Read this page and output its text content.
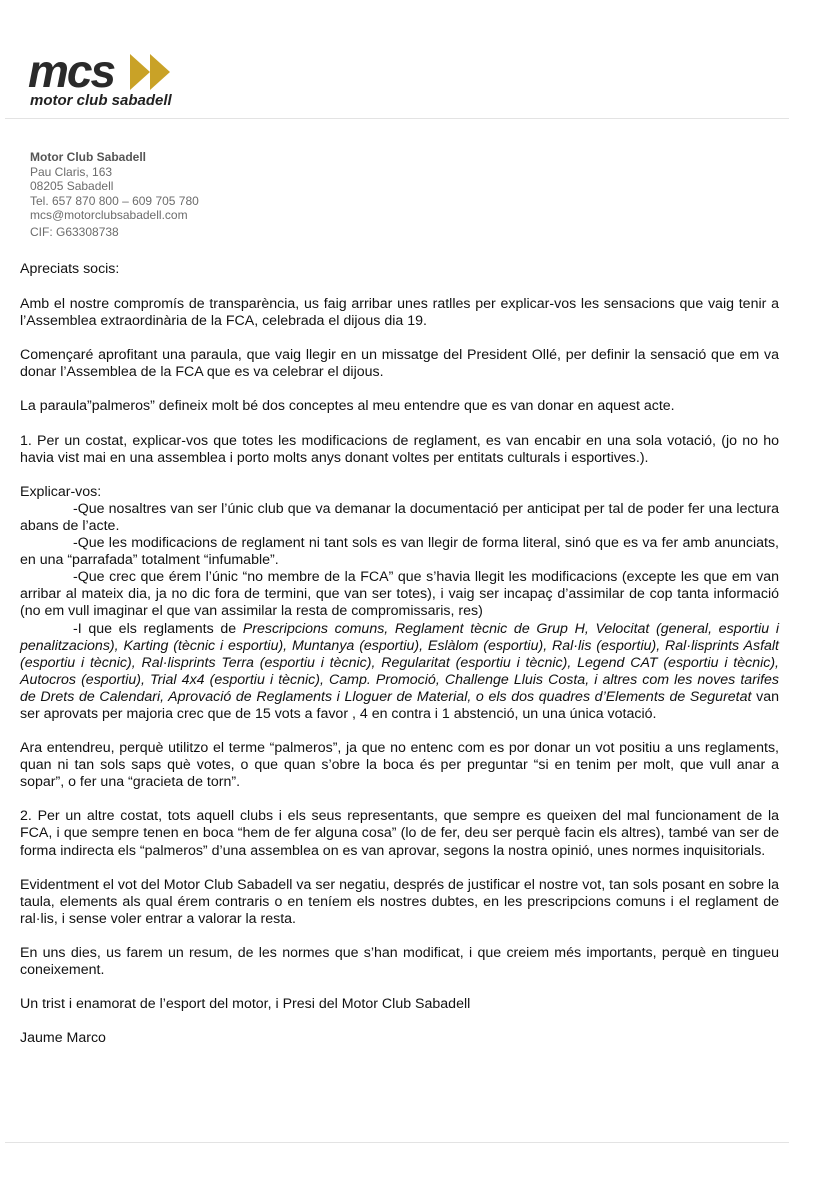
mcs
motor club sabadell
Motor Club Sabadell
Pau Claris, 163
08205 Sabadell
Tel. 657 870 800 – 609 705 780
mcs@motorclubsabadell.com
CIF: G63308738

Apreciats socis:

Amb el nostre compromís de transparència, us faig arribar unes ratlles per explicar-vos les sensacions que vaig tenir a l’Assemblea extraordinària de la FCA, celebrada el dijous dia 19.

Començaré aprofitant una paraula, que vaig llegir en un missatge del President Ollé, per definir la sensació que em va donar l’Assemblea de la FCA que es va celebrar el dijous.

La paraula”palmeros” defineix molt bé dos conceptes al meu entendre que es van donar en aquest acte.

1. Per un costat, explicar-vos que totes les modificacions de reglament, es van encabir en una sola votació, (jo no ho havia vist mai en una assemblea i porto molts anys donant voltes per entitats culturals i esportives.).

Explicar-vos:

-Que nosaltres van ser l’únic club que va demanar la documentació per anticipat per tal de poder fer una lectura abans de l’acte.

-Que les modificacions de reglament ni tant sols es van llegir de forma literal, sinó que es va fer amb anunciats, en una “parrafada” totalment “infumable”.

-Que crec que érem l’únic “no membre de la FCA” que s’havia llegit les modificacions (excepte les que em van arribar al mateix dia, ja no dic fora de termini, que van ser totes), i vaig ser incapaç d’assimilar de cop tanta informació (no em vull imaginar el que van assimilar la resta de compromissaris, res)

-I que els reglaments de Prescripcions comuns, Reglament tècnic de Grup H, Velocitat (general, esportiu i penalitzacions), Karting (tècnic i esportiu), Muntanya (esportiu), Eslàlom (esportiu), Ral·lis (esportiu), Ral·lisprints Asfalt (esportiu i tècnic), Ral·lisprints Terra (esportiu i tècnic), Regularitat (esportiu i tècnic), Legend CAT (esportiu i tècnic), Autocros (esportiu), Trial 4x4 (esportiu i tècnic), Camp. Promoció, Challenge Lluis Costa, i altres com les noves tarifes de Drets de Calendari, Aprovació de Reglaments i Lloguer de Material, o els dos quadres d’Elements de Seguretat van ser aprovats per majoria crec que de 15 vots a favor , 4 en contra i 1 abstenció, un una única votació.

Ara entendreu, perquè utilitzo el terme “palmeros”, ja que no entenc com es por donar un vot positiu a uns reglaments, quan ni tan sols saps què votes, o que quan s’obre la boca és per preguntar “si en tenim per molt, que vull anar a sopar”, o fer una “gracieta de torn”.

2. Per un altre costat, tots aquell clubs i els seus representants, que sempre es queixen del mal funcionament de la FCA, i que sempre tenen en boca “hem de fer alguna cosa” (lo de fer, deu ser perquè facin els altres), també van ser de forma indirecta els “palmeros” d’una assemblea on es van aprovar, segons la nostra opinió, unes normes inquisitorials.

Evidentment el vot del Motor Club Sabadell va ser negatiu, després de justificar el nostre vot, tan sols posant en sobre la taula, elements als qual érem contraris o en teníem els nostres dubtes, en les prescripcions comuns i el reglament de ral·lis, i sense voler entrar a valorar la resta.

En uns dies, us farem un resum, de les normes que s’han modificat, i que creiem més importants, perquè en tingueu coneixement.

Un trist i enamorat de l’esport del motor, i Presi del Motor Club Sabadell

Jaume Marco
